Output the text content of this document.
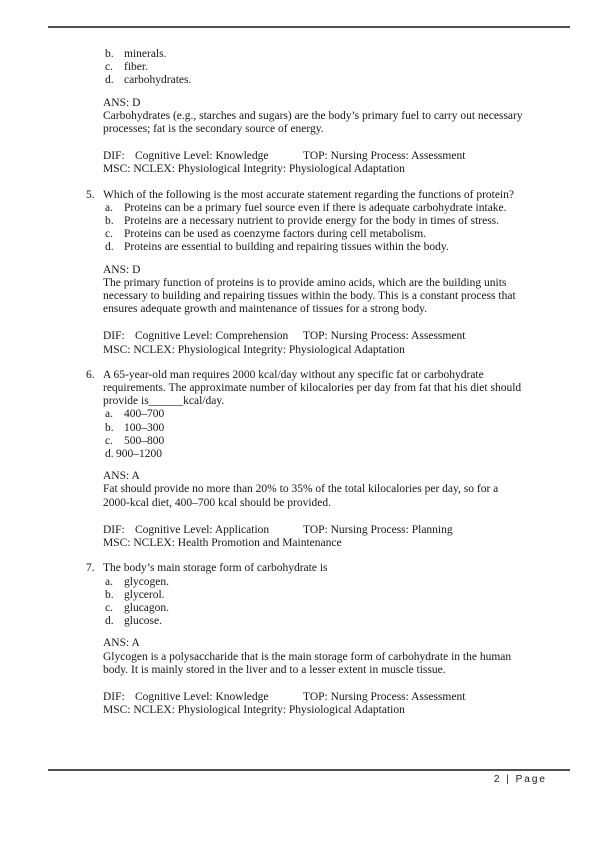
b. minerals.
c. fiber.
d. carbohydrates.
ANS: D
Carbohydrates (e.g., starches and sugars) are the body’s primary fuel to carry out necessary processes; fat is the secondary source of energy.
DIF: Cognitive Level: Knowledge	TOP: Nursing Process: Assessment
MSC: NCLEX: Physiological Integrity: Physiological Adaptation
5. Which of the following is the most accurate statement regarding the functions of protein?
a. Proteins can be a primary fuel source even if there is adequate carbohydrate intake.
b. Proteins are a necessary nutrient to provide energy for the body in times of stress.
c. Proteins can be used as coenzyme factors during cell metabolism.
d. Proteins are essential to building and repairing tissues within the body.
ANS: D
The primary function of proteins is to provide amino acids, which are the building units necessary to building and repairing tissues within the body. This is a constant process that ensures adequate growth and maintenance of tissues for a strong body.
DIF: Cognitive Level: Comprehension	TOP: Nursing Process: Assessment
MSC: NCLEX: Physiological Integrity: Physiological Adaptation
6. A 65-year-old man requires 2000 kcal/day without any specific fat or carbohydrate requirements. The approximate number of kilocalories per day from fat that his diet should provide is______kcal/day.
a. 400–700
b. 100–300
c. 500–800
d. 900–1200
ANS: A
Fat should provide no more than 20% to 35% of the total kilocalories per day, so for a 2000-kcal diet, 400–700 kcal should be provided.
DIF: Cognitive Level: Application	TOP: Nursing Process: Planning
MSC: NCLEX: Health Promotion and Maintenance
7. The body’s main storage form of carbohydrate is
a. glycogen.
b. glycerol.
c. glucagon.
d. glucose.
ANS: A
Glycogen is a polysaccharide that is the main storage form of carbohydrate in the human body. It is mainly stored in the liver and to a lesser extent in muscle tissue.
DIF: Cognitive Level: Knowledge	TOP: Nursing Process: Assessment
MSC: NCLEX: Physiological Integrity: Physiological Adaptation
2 | Page
